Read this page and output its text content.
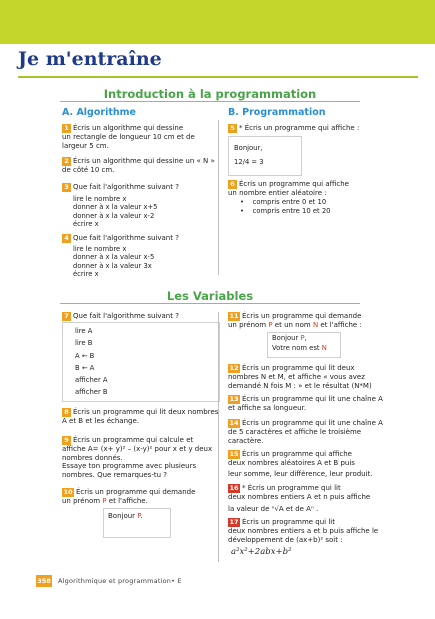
Je m'entraîne
Introduction à la programmation
A. Algorithme	B. Programmation
1 Écris un algorithme qui dessine
un rectangle de longueur 10 cm et de
largeur 5 cm.
2 Écris un algorithme qui dessine un « N »
de côté 10 cm.
3 Que fait l'algorithme suivant ?
lire le nombre x
donner à x la valeur x+5
donner à x la valeur x-2
écrire x
4 Que fait l'algorithme suivant ?
lire le nombre x
donner à x la valeur x-5
donner à x la valeur 3x
écrire x
5 * Écris un programme qui affiche :
Bonjour,
12/4 = 3
6 Écris un programme qui affiche
un nombre entier aléatoire :
•    compris entre 0 et 10
•    compris entre 10 et 20
Les Variables
7 Que fait l'algorithme suivant ?
lire A
lire B
A ← B
B ← A
afficher A
afficher B
8 Écris un programme qui lit deux nombres
A et B et les échange.
9 Écris un programme qui calcule et
affiche A= (x+ y)² – (x-y)² pour x et y deux
nombres donnés.
Essaye ton programme avec plusieurs
nombres. Que remarques-tu ?
10 Écris un programme qui demande
un prénom P et l'affiche.
Bonjour P.
11 Écris un programme qui demande
un prénom P et un nom N et l'affiche :
Bonjour P,
Votre nom est N
12 Écris un programme qui lit deux
nombres N et M, et affiche « vous avez
demandé N fois M : » et le résultat (N*M)
13 Écris un programme qui lit une chaîne A
et affiche sa longueur.
14 Écris un programme qui lit une chaîne A
de 5 caractères et affiche le troisième
caractère.
15 Écris un programme qui affiche
deux nombres aléatoires A et B puis
leur somme, leur différence, leur produit.
16 * Écris un programme qui lit
deux nombres entiers A et n puis affiche
la valeur de ⁿ√A et de Aⁿ .
17 Écris un programme qui lit
deux nombres entiers a et b puis affiche le
développement de (ax+b)² soit :
a²x²+2abx+b²
358 Algorithmique et programmation• E
